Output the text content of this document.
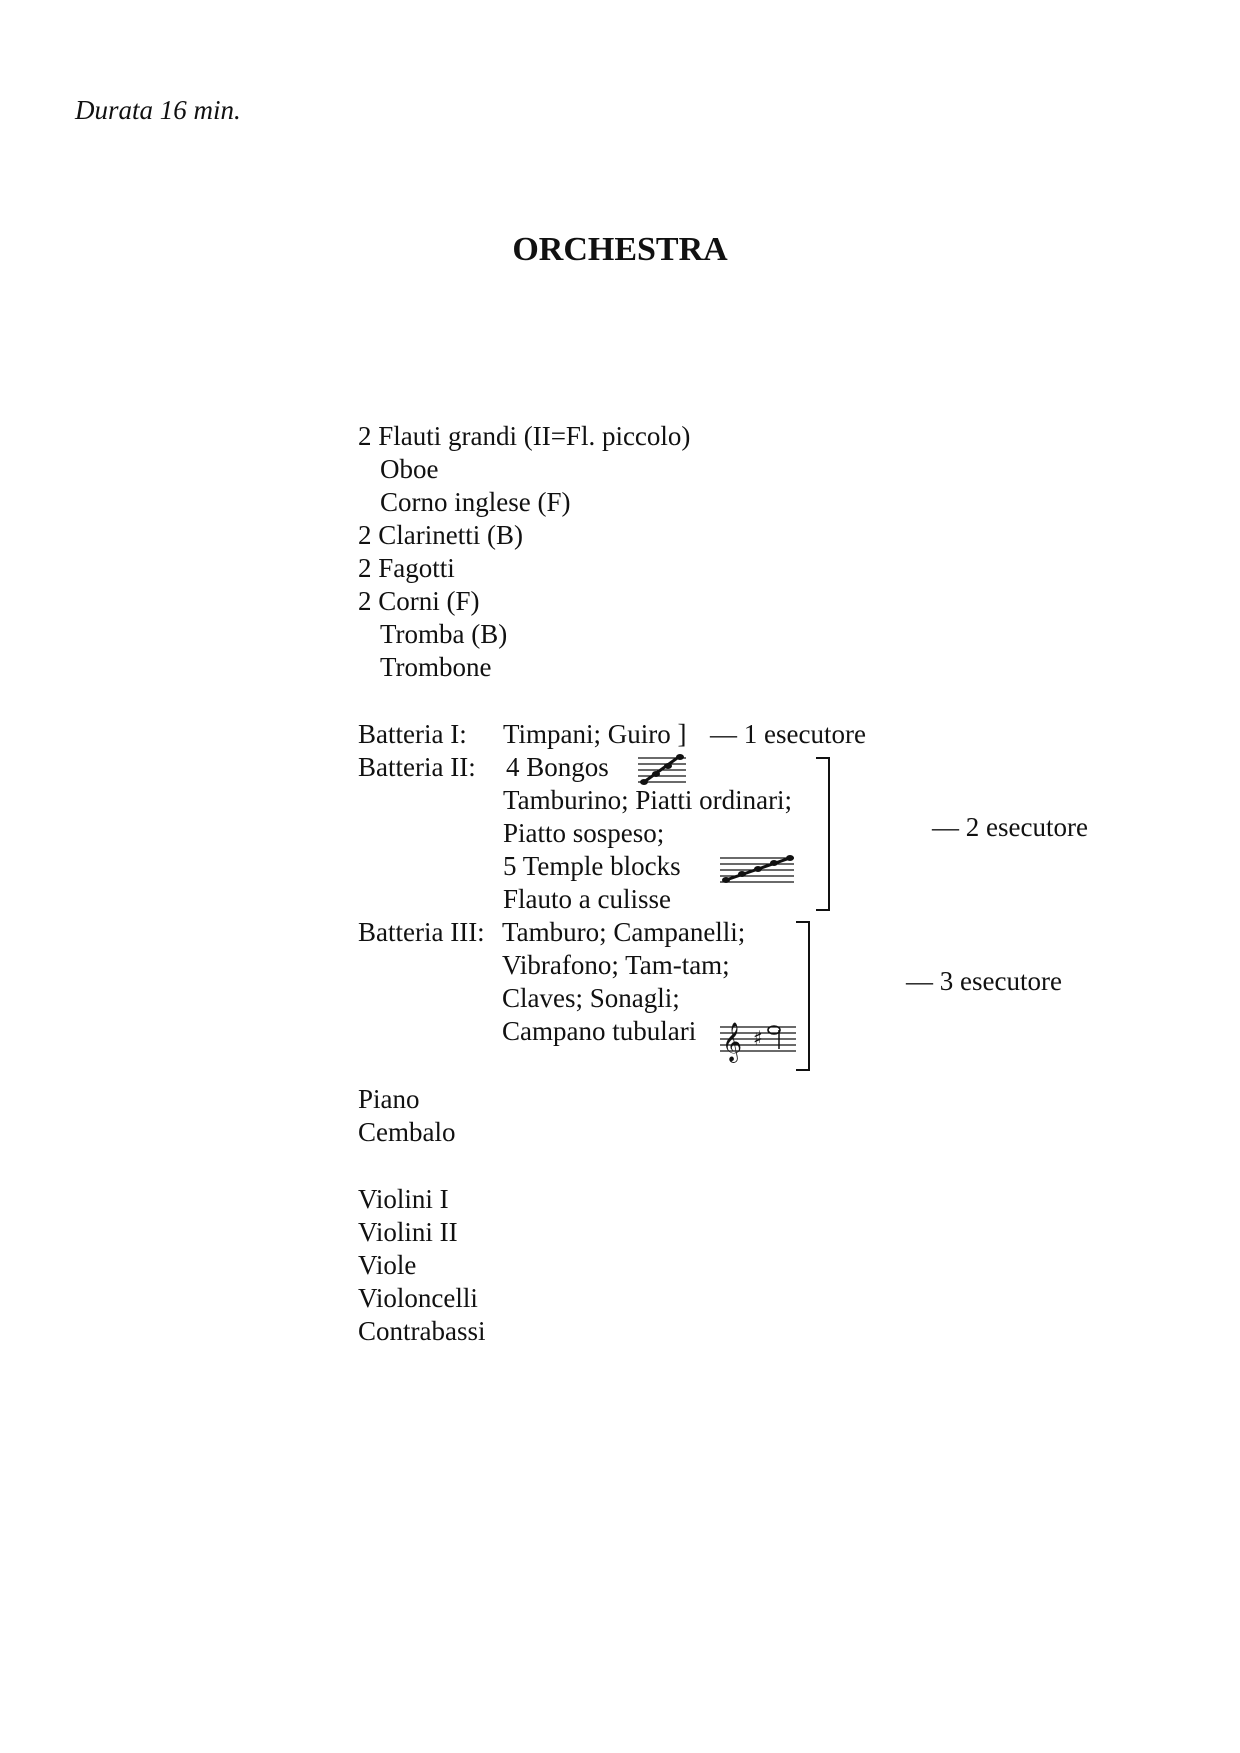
Durata 16 min.
ORCHESTRA
2 Flauti grandi (II=Fl. piccolo)
Oboe
Corno inglese (F)
2 Clarinetti (B)
2 Fagotti
2 Corni (F)
Tromba (B)
Trombone
Batteria I: Timpani; Guiro ] — 1 esecutore
Batteria II: 4 Bongos
Tamburino; Piatti ordinari;
Piatto sospeso;
5 Temple blocks
Flauto a culisse
— 2 esecutore
Batteria III: Tamburo; Campanelli;
Vibrafono; Tam-tam;
Claves; Sonagli;
Campano tubulari
— 3 esecutore
𝄞 ♯
Piano
Cembalo
Violini I
Violini II
Viole
Violoncelli
Contrabassi
